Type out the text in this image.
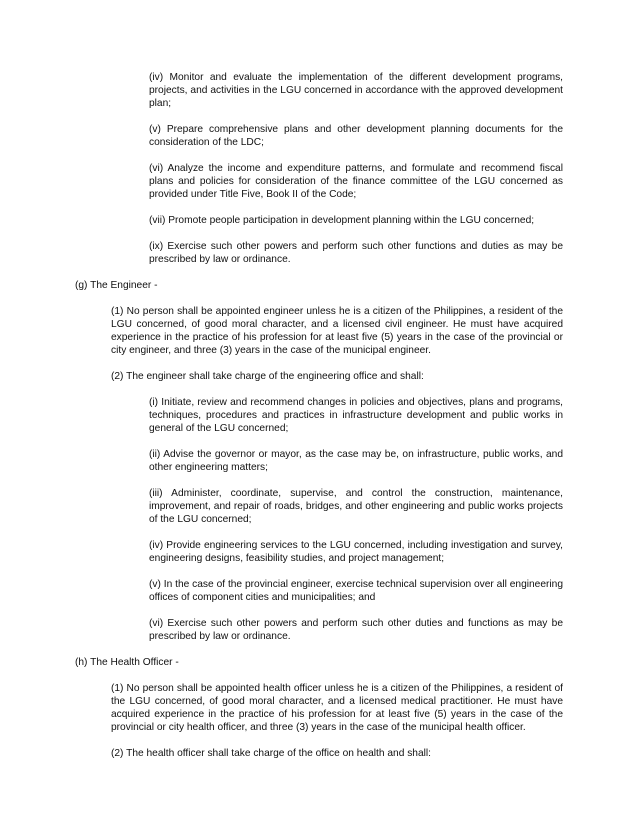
(iv) Monitor and evaluate the implementation of the different development programs, projects, and activities in the LGU concerned in accordance with the approved development plan;

(v) Prepare comprehensive plans and other development planning documents for the consideration of the LDC;

(vi) Analyze the income and expenditure patterns, and formulate and recommend fiscal plans and policies for consideration of the finance committee of the LGU concerned as provided under Title Five, Book II of the Code;

(vii) Promote people participation in development planning within the LGU concerned;

(ix) Exercise such other powers and perform such other functions and duties as may be prescribed by law or ordinance.

(g) The Engineer -

(1) No person shall be appointed engineer unless he is a citizen of the Philippines, a resident of the LGU concerned, of good moral character, and a licensed civil engineer. He must have acquired experience in the practice of his profession for at least five (5) years in the case of the provincial or city engineer, and three (3) years in the case of the municipal engineer.

(2) The engineer shall take charge of the engineering office and shall:

(i) Initiate, review and recommend changes in policies and objectives, plans and programs, techniques, procedures and practices in infrastructure development and public works in general of the LGU concerned;

(ii) Advise the governor or mayor, as the case may be, on infrastructure, public works, and other engineering matters;

(iii) Administer, coordinate, supervise, and control the construction, maintenance, improvement, and repair of roads, bridges, and other engineering and public works projects of the LGU concerned;

(iv) Provide engineering services to the LGU concerned, including investigation and survey, engineering designs, feasibility studies, and project management;

(v) In the case of the provincial engineer, exercise technical supervision over all engineering offices of component cities and municipalities; and

(vi) Exercise such other powers and perform such other duties and functions as may be prescribed by law or ordinance.

(h) The Health Officer -

(1) No person shall be appointed health officer unless he is a citizen of the Philippines, a resident of the LGU concerned, of good moral character, and a licensed medical practitioner. He must have acquired experience in the practice of his profession for at least five (5) years in the case of the provincial or city health officer, and three (3) years in the case of the municipal health officer.

(2) The health officer shall take charge of the office on health and shall:
